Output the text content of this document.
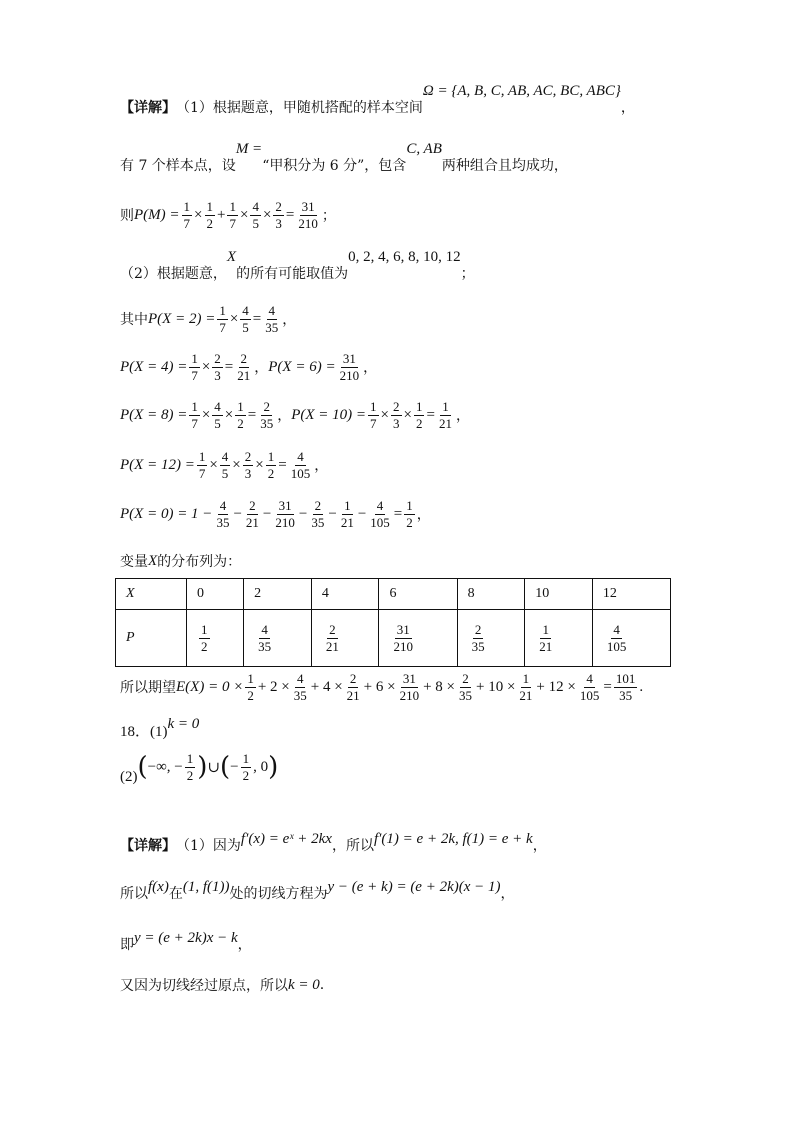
【详解】 （1）根据题意，甲随机搭配的样本空间
Ω = {A, B, C, AB, AC, BC, ABC}
，
有 7 个样本点，设
M =
“甲积分为 6 分”，包含
C, AB
两种组合且均成功，
则 $P(M) = \frac{1}{7} \times \frac{1}{2} + \frac{1}{7} \times \frac{4}{5} \times \frac{2}{3} = \frac{31}{210}$ ；
（2）根据题意，
X
的所有可能取值为
0, 2, 4, 6, 8, 10, 12
；
其中 $P(X = 2) = \frac{1}{7} \times \frac{4}{5} = \frac{4}{35}$ ，
$P(X = 4) = \frac{1}{7} \times \frac{2}{3} = \frac{2}{21}$ ， $P(X = 6) = \frac{31}{210}$ ，
$P(X = 8) = \frac{1}{7} \times \frac{4}{5} \times \frac{1}{2} = \frac{2}{35}$ ， $P(X = 10) = \frac{1}{7} \times \frac{2}{3} \times \frac{1}{2} = \frac{1}{21}$ ，
$P(X = 12) = \frac{1}{7} \times \frac{4}{5} \times \frac{2}{3} \times \frac{1}{2} = \frac{4}{105}$ ，
$P(X = 0) = 1 - \frac{4}{35} - \frac{2}{21} - \frac{31}{210} - \frac{2}{35} - \frac{1}{21} - \frac{4}{105} = \frac{1}{2}$ ，
变量 X 的分布列为：
X	0	2	4	6	8	10	12
P	$\frac{1}{2}$	$\frac{4}{35}$	$\frac{2}{21}$	$\frac{31}{210}$	$\frac{2}{35}$	$\frac{1}{21}$	$\frac{4}{105}$
所以期望 $E(X) = 0 \times \frac{1}{2} + 2 \times \frac{4}{35} + 4 \times \frac{2}{21} + 6 \times \frac{31}{210} + 8 \times \frac{2}{35} + 10 \times \frac{1}{21} + 12 \times \frac{4}{105} = \frac{101}{35}$ .
18．(1) k = 0
(2) ( −∞, − $\frac{1}{2}$ ) ∪ ( − $\frac{1}{2}$ , 0 )
【详解】 （1）因为 f′(x) = eˣ + 2kx ，所以 f′(1) = e + 2k, f(1) = e + k ，
所以 f(x) 在 (1, f(1)) 处的切线方程为 y − (e + k) = (e + 2k)(x − 1) ，
即 y = (e + 2k)x − k ，
又因为切线经过原点，所以 k = 0 .
